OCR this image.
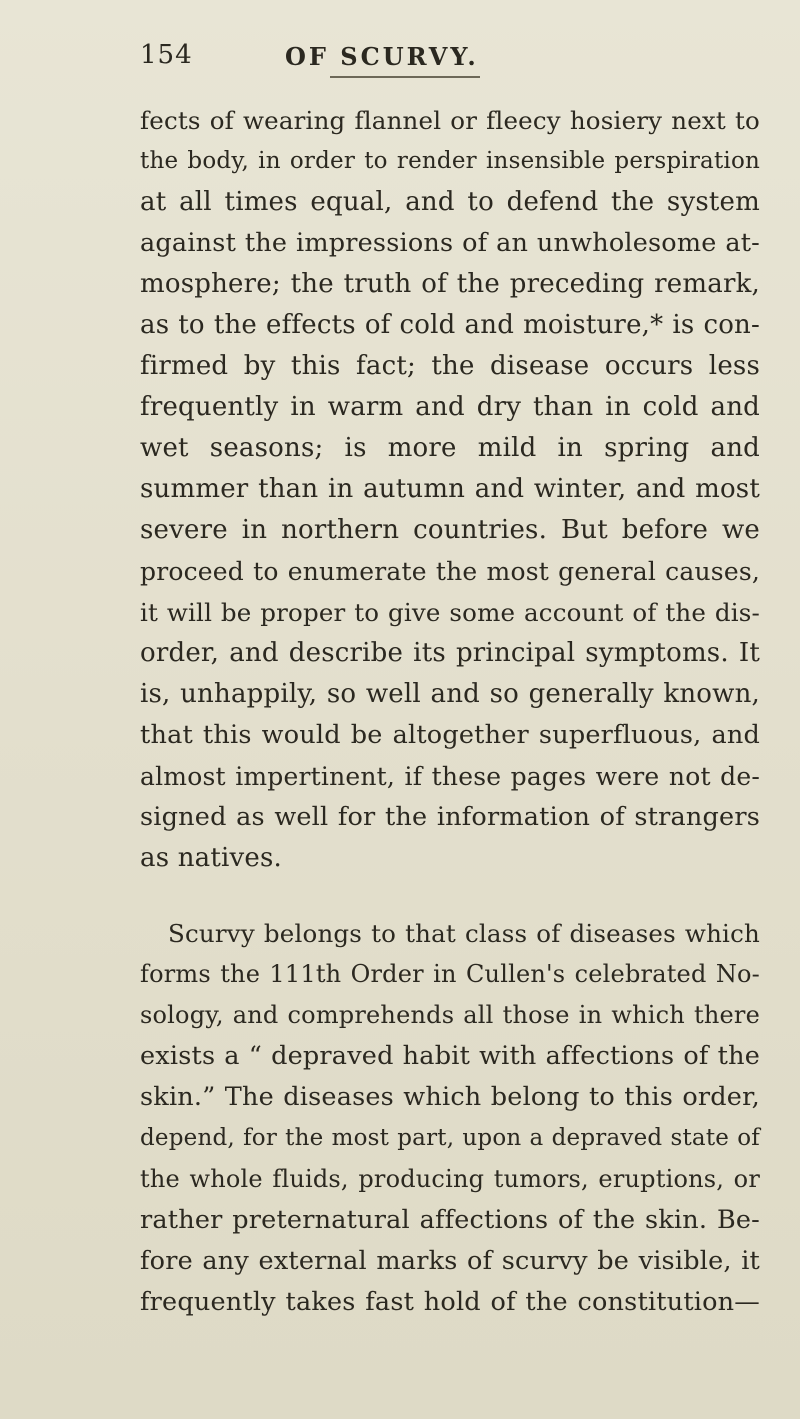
154	OF SCURVY.
fects of wearing flannel or fleecy hosiery next to
the body, in order to render insensible perspiration
at all times equal, and to defend the system
against the impressions of an unwholesome at-
mosphere; the truth of the preceding remark,
as to the effects of cold and moisture,* is con-
firmed by this fact; the disease occurs less
frequently in warm and dry than in cold and
wet seasons; is more mild in spring and
summer than in autumn and winter, and most
severe in northern countries. But before we
proceed to enumerate the most general causes,
it will be proper to give some account of the dis-
order, and describe its principal symptoms. It
is, unhappily, so well and so generally known,
that this would be altogether superfluous, and
almost impertinent, if these pages were not de-
signed as well for the information of strangers
as natives.
Scurvy belongs to that class of diseases which
forms the 111th Order in Cullen's celebrated No-
sology, and comprehends all those in which there
exists a “ depraved habit with affections of the
skin.” The diseases which belong to this order,
depend, for the most part, upon a depraved state of
the whole fluids, producing tumors, eruptions, or
rather preternatural affections of the skin. Be-
fore any external marks of scurvy be visible, it
frequently takes fast hold of the constitution—
